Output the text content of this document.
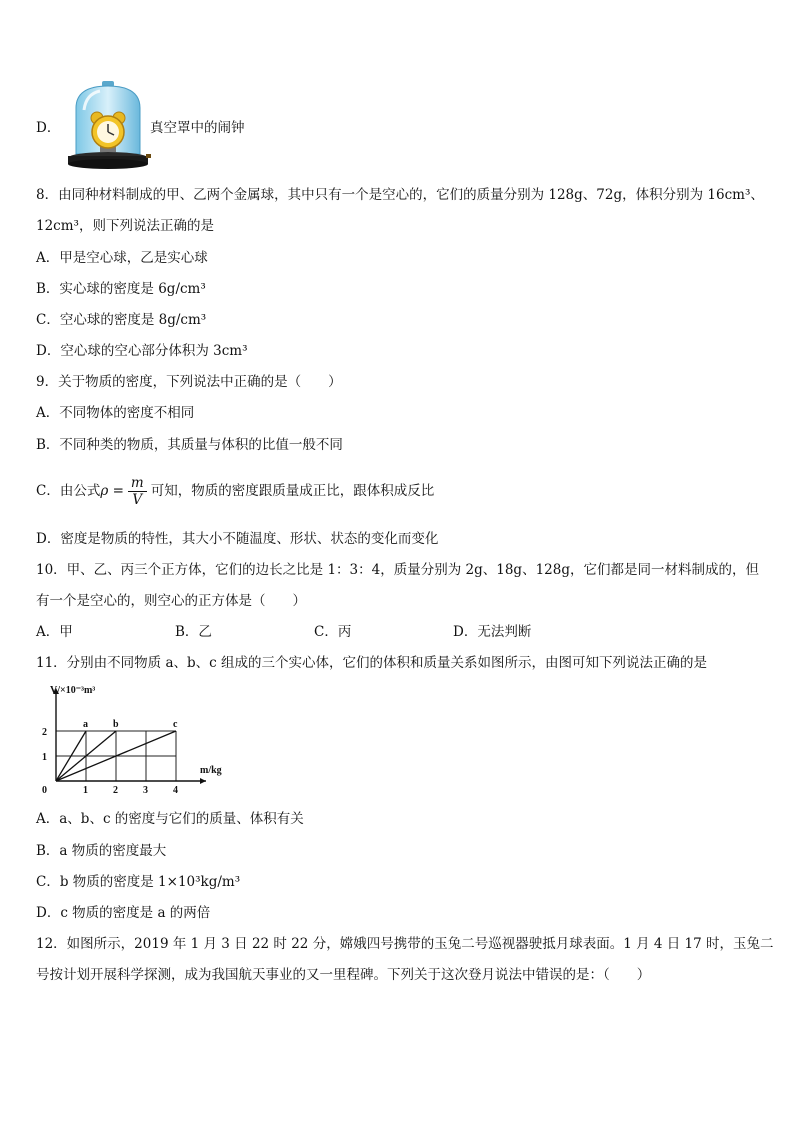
D．	真空罩中的闹钟
8．由同种材料制成的甲、乙两个金属球，其中只有一个是空心的，它们的质量分别为 128g、72g，体积分别为 16cm³、
12cm³，则下列说法正确的是
A．甲是空心球，乙是实心球
B．实心球的密度是 6g/cm³
C．空心球的密度是 8g/cm³
D．空心球的空心部分体积为 3cm³
9．关于物质的密度，下列说法中正确的是（　　）
A．不同物体的密度不相同
B．不同种类的物质，其质量与体积的比值一般不同
C．由公式$\rho = \frac{m}{V}$ 可知，物质的密度跟质量成正比，跟体积成反比
D．密度是物质的特性，其大小不随温度、形状、状态的变化而变化
10．甲、乙、丙三个正方体，它们的边长之比是 1：3：4，质量分别为 2g、18g、128g，它们都是同一材料制成的，但
有一个是空心的，则空心的正方体是（　　）
A．甲	B．乙	C．丙	D．无法判断
11．分别由不同物质 a、b、c 组成的三个实心体，它们的体积和质量关系如图所示，由图可知下列说法正确的是
a	b	c
1	2	3	4
1
2
0
m/kg
V/×10⁻³m³
A．a、b、c 的密度与它们的质量、体积有关
B．a 物质的密度最大
C．b 物质的密度是 1×10³kg/m³
D．c 物质的密度是 a 的两倍
12．如图所示，2019 年 1 月 3 日 22 时 22 分，嫦娥四号携带的玉兔二号巡视器驶抵月球表面。1 月 4 日 17 时，玉兔二
号按计划开展科学探测，成为我国航天事业的又一里程碑。下列关于这次登月说法中错误的是：（　　）
